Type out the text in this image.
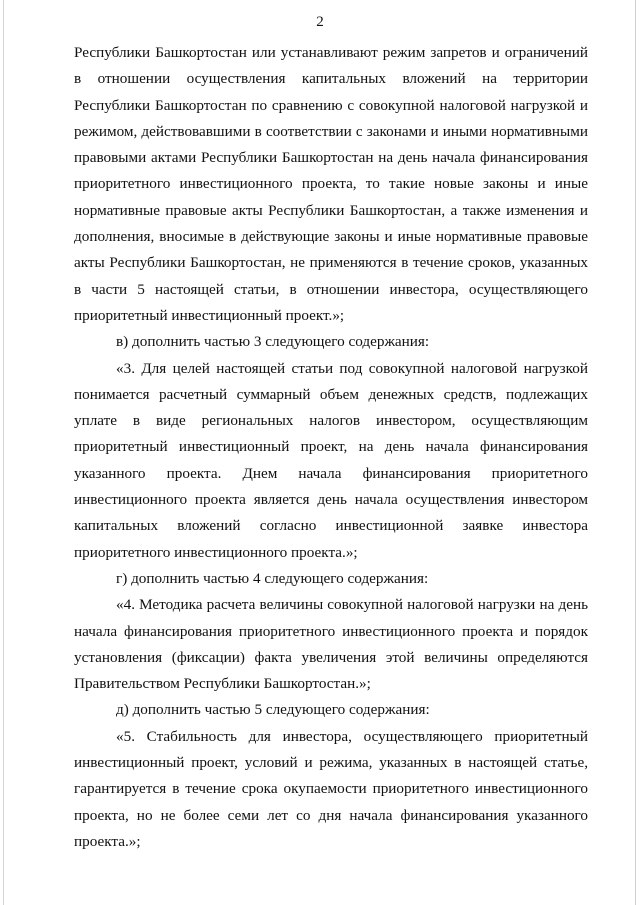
2

Республики Башкортостан или устанавливают режим запретов и ограничений в отношении осуществления капитальных вложений на территории Республики Башкортостан по сравнению с совокупной налоговой нагрузкой и режимом, действовавшими в соответствии с законами и иными нормативными правовыми актами Республики Башкортостан на день начала финансирования приоритетного инвестиционного проекта, то такие новые законы и иные нормативные правовые акты Республики Башкортостан, а также изменения и дополнения, вносимые в действующие законы и иные нормативные правовые акты Республики Башкортостан, не применяются в течение сроков, указанных в части 5 настоящей статьи, в отношении инвестора, осуществляющего приоритетный инвестиционный проект.»;

в) дополнить частью 3 следующего содержания:

«3. Для целей настоящей статьи под совокупной налоговой нагрузкой понимается расчетный суммарный объем денежных средств, подлежащих уплате в виде региональных налогов инвестором, осуществляющим приоритетный инвестиционный проект, на день начала финансирования указанного проекта. Днем начала финансирования приоритетного инвестиционного проекта является день начала осуществления инвестором капитальных вложений согласно инвестиционной заявке инвестора приоритетного инвестиционного проекта.»;

г) дополнить частью 4 следующего содержания:

«4. Методика расчета величины совокупной налоговой нагрузки на день начала финансирования приоритетного инвестиционного проекта и порядок установления (фиксации) факта увеличения этой величины определяются Правительством Республики Башкортостан.»;

д) дополнить частью 5 следующего содержания:

«5. Стабильность для инвестора, осуществляющего приоритетный инвестиционный проект, условий и режима, указанных в настоящей статье, гарантируется в течение срока окупаемости приоритетного инвестиционного проекта, но не более семи лет со дня начала финансирования указанного проекта.»;
